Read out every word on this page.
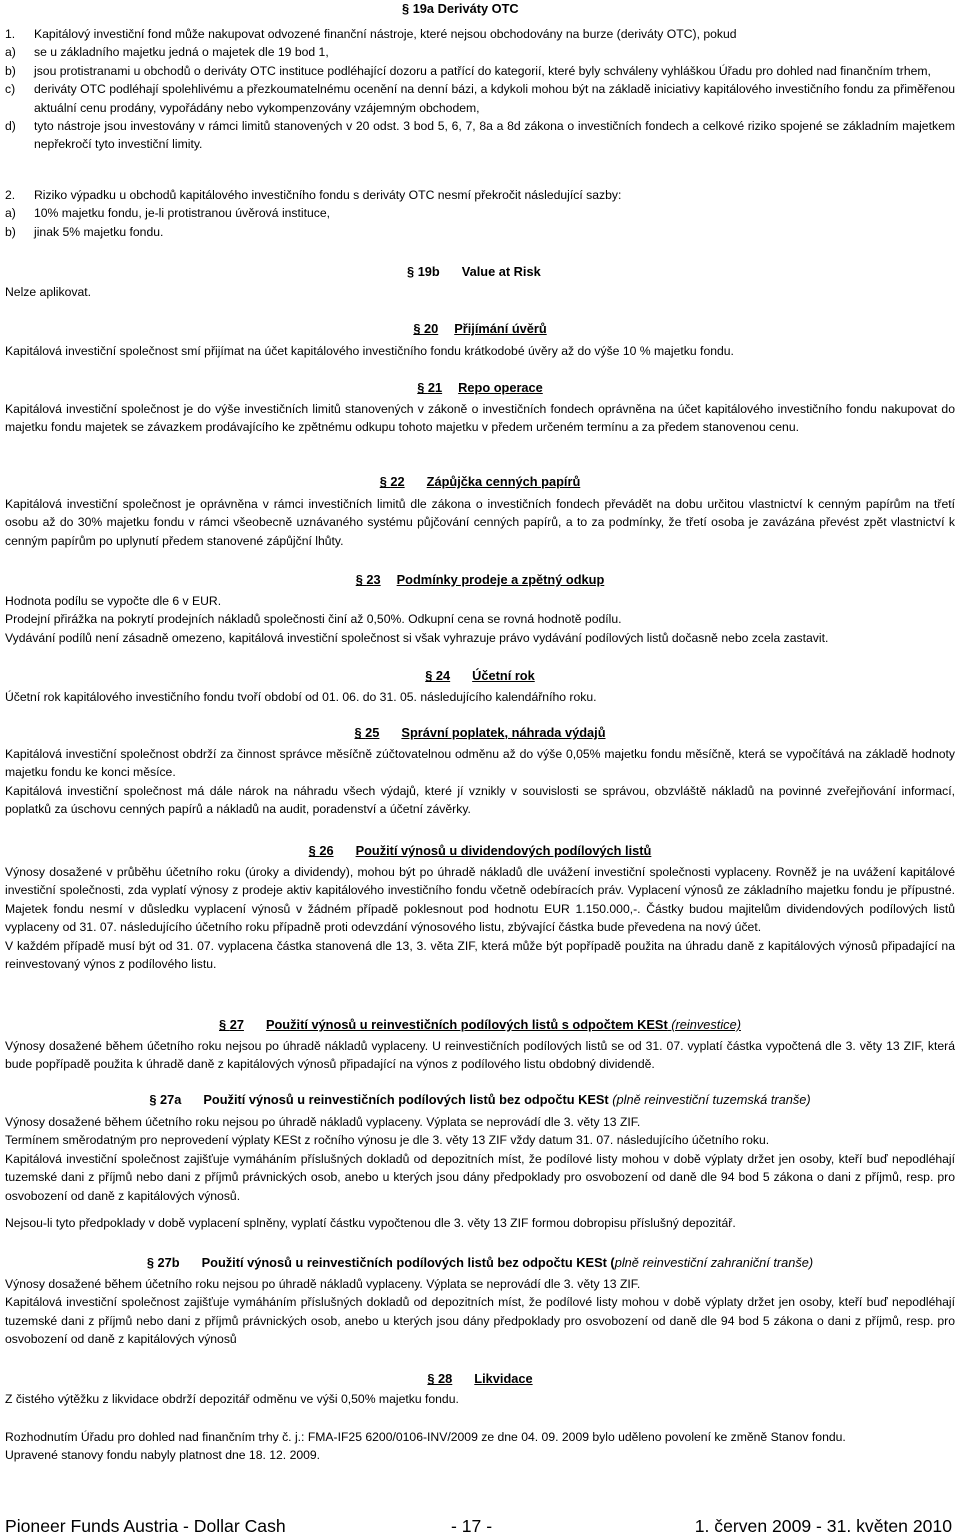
§ 19a Deriváty OTC
1. Kapitálový investiční fond může nakupovat odvozené finanční nástroje, které nejsou obchodovány na burze (deriváty OTC), pokud
a) se u základního majetku jedná o majetek dle 19 bod 1,
b) jsou protistranami u obchodů o deriváty OTC instituce podléhající dozoru a patřící do kategorií, které byly schváleny vyhláškou Úřadu pro dohled nad finančním trhem,
c) deriváty OTC podléhají spolehlivému a přezkoumatelnému ocenění na denní bázi, a kdykoli mohou být na základě iniciativy kapitálového investičního fondu za přiměřenou aktuální cenu prodány, vypořádány nebo vykompenzovány vzájemným obchodem,
d) tyto nástroje jsou investovány v rámci limitů stanovených v 20 odst. 3 bod 5, 6, 7, 8a a 8d zákona o investičních fondech a celkové riziko spojené se základním majetkem nepřekročí tyto investiční limity.
2. Riziko výpadku u obchodů kapitálového investičního fondu s deriváty OTC nesmí překročit následující sazby:
a) 10% majetku fondu, je-li protistranou úvěrová instituce,
b) jinak 5% majetku fondu.
§ 19b Value at Risk
Nelze aplikovat.
§ 20 Přijímání úvěrů
Kapitálová investiční společnost smí přijímat na účet kapitálového investičního fondu krátkodobé úvěry až do výše 10 % majetku fondu.
§ 21 Repo operace
Kapitálová investiční společnost je do výše investičních limitů stanovených v zákoně o investičních fondech oprávněna na účet kapitálového investičního fondu nakupovat do majetku fondu majetek se závazkem prodávajícího ke zpětnému odkupu tohoto majetku v předem určeném termínu a za předem stanovenou cenu.
§ 22 Zápůjčka cenných papírů
Kapitálová investiční společnost je oprávněna v rámci investičních limitů dle zákona o investičních fondech převádět na dobu určitou vlastnictví k cenným papírům na třetí osobu až do 30% majetku fondu v rámci všeobecně uznávaného systému půjčování cenných papírů, a to za podmínky, že třetí osoba je zavázána převést zpět vlastnictví k cenným papírům po uplynutí předem stanovené zápůjční lhůty.
§ 23 Podmínky prodeje a zpětný odkup
Hodnota podílu se vypočte dle 6 v EUR.
Prodejní přirážka na pokrytí prodejních nákladů společnosti činí až 0,50%. Odkupní cena se rovná hodnotě podílu.
Vydávání podílů není zásadně omezeno, kapitálová investiční společnost si však vyhrazuje právo vydávání podílových listů dočasně nebo zcela zastavit.
§ 24 Účetní rok
Účetní rok kapitálového investičního fondu tvoří období od 01. 06. do 31. 05. následujícího kalendářního roku.
§ 25 Správní poplatek, náhrada výdajů
Kapitálová investiční společnost obdrží za činnost správce měsíčně zúčtovatelnou odměnu až do výše 0,05% majetku fondu měsíčně, která se vypočítává na základě hodnoty majetku fondu ke konci měsíce.
Kapitálová investiční společnost má dále nárok na náhradu všech výdajů, které jí vznikly v souvislosti se správou, obzvláště nákladů na povinné zveřejňování informací, poplatků za úschovu cenných papírů a nákladů na audit, poradenství a účetní závěrky.
§ 26 Použití výnosů u dividendových podílových listů
Výnosy dosažené v průběhu účetního roku (úroky a dividendy), mohou být po úhradě nákladů dle uvážení investiční společnosti vyplaceny. Rovněž je na uvážení kapitálové investiční společnosti, zda vyplatí výnosy z prodeje aktiv kapitálového investičního fondu včetně odebíracích práv. Vyplacení výnosů ze základního majetku fondu je přípustné. Majetek fondu nesmí v důsledku vyplacení výnosů v žádném případě poklesnout pod hodnotu EUR 1.150.000,-. Částky budou majitelům dividendových podílových listů vyplaceny od 31. 07. následujícího účetního roku případně proti odevzdání výnosového listu, zbývající částka bude převedena na nový účet.
V každém případě musí být od 31. 07. vyplacena částka stanovená dle 13, 3. věta ZIF, která může být popřípadě použita na úhradu daně z kapitálových výnosů připadající na reinvestovaný výnos z podílového listu.
§ 27 Použití výnosů u reinvestičních podílových listů s odpočtem KESt (reinvestice)
Výnosy dosažené během účetního roku nejsou po úhradě nákladů vyplaceny. U reinvestičních podílových listů se od 31. 07. vyplatí částka vypočtená dle 3. věty 13 ZIF, která bude popřípadě použita k úhradě daně z kapitálových výnosů připadající na výnos z podílového listu obdobný dividendě.
§ 27a Použití výnosů u reinvestičních podílových listů bez odpočtu KESt (plně reinvestiční tuzemská tranše)
Výnosy dosažené během účetního roku nejsou po úhradě nákladů vyplaceny. Výplata se neprovádí dle 3. věty 13 ZIF.
Termínem směrodatným pro neprovedení výplaty KESt z ročního výnosu je dle 3. věty 13 ZIF vždy datum 31. 07. následujícího účetního roku.
Kapitálová investiční společnost zajišťuje vymáháním příslušných dokladů od depozitních míst, že podílové listy mohou v době výplaty držet jen osoby, kteří buď nepodléhají tuzemské dani z příjmů nebo dani z příjmů právnických osob, anebo u kterých jsou dány předpoklady pro osvobození od daně dle 94 bod 5 zákona o dani z příjmů, resp. pro osvobození od daně z kapitálových výnosů.
Nejsou-li tyto předpoklady v době vyplacení splněny, vyplatí částku vypočtenou dle 3. věty 13 ZIF formou dobropisu příslušný depozitář.
§ 27b Použití výnosů u reinvestičních podílových listů bez odpočtu KESt (plně reinvestiční zahraniční tranše)
Výnosy dosažené během účetního roku nejsou po úhradě nákladů vyplaceny. Výplata se neprovádí dle 3. věty 13 ZIF.
Kapitálová investiční společnost zajišťuje vymáháním příslušných dokladů od depozitních míst, že podílové listy mohou v době výplaty držet jen osoby, kteří buď nepodléhají tuzemské dani z příjmů nebo dani z příjmů právnických osob, anebo u kterých jsou dány předpoklady pro osvobození od daně dle 94 bod 5 zákona o dani z příjmů, resp. pro osvobození od daně z kapitálových výnosů
§ 28 Likvidace
Z čistého výtěžku z likvidace obdrží depozitář odměnu ve výši 0,50% majetku fondu.
Rozhodnutím Úřadu pro dohled nad finančním trhy č. j.: FMA-IF25 6200/0106-INV/2009 ze dne 04. 09. 2009 bylo uděleno povolení ke změně Stanov fondu.
Upravené stanovy fondu nabyly platnost dne 18. 12. 2009.
Pioneer Funds Austria - Dollar Cash	- 17 -	1. červen 2009 - 31. květen 2010
